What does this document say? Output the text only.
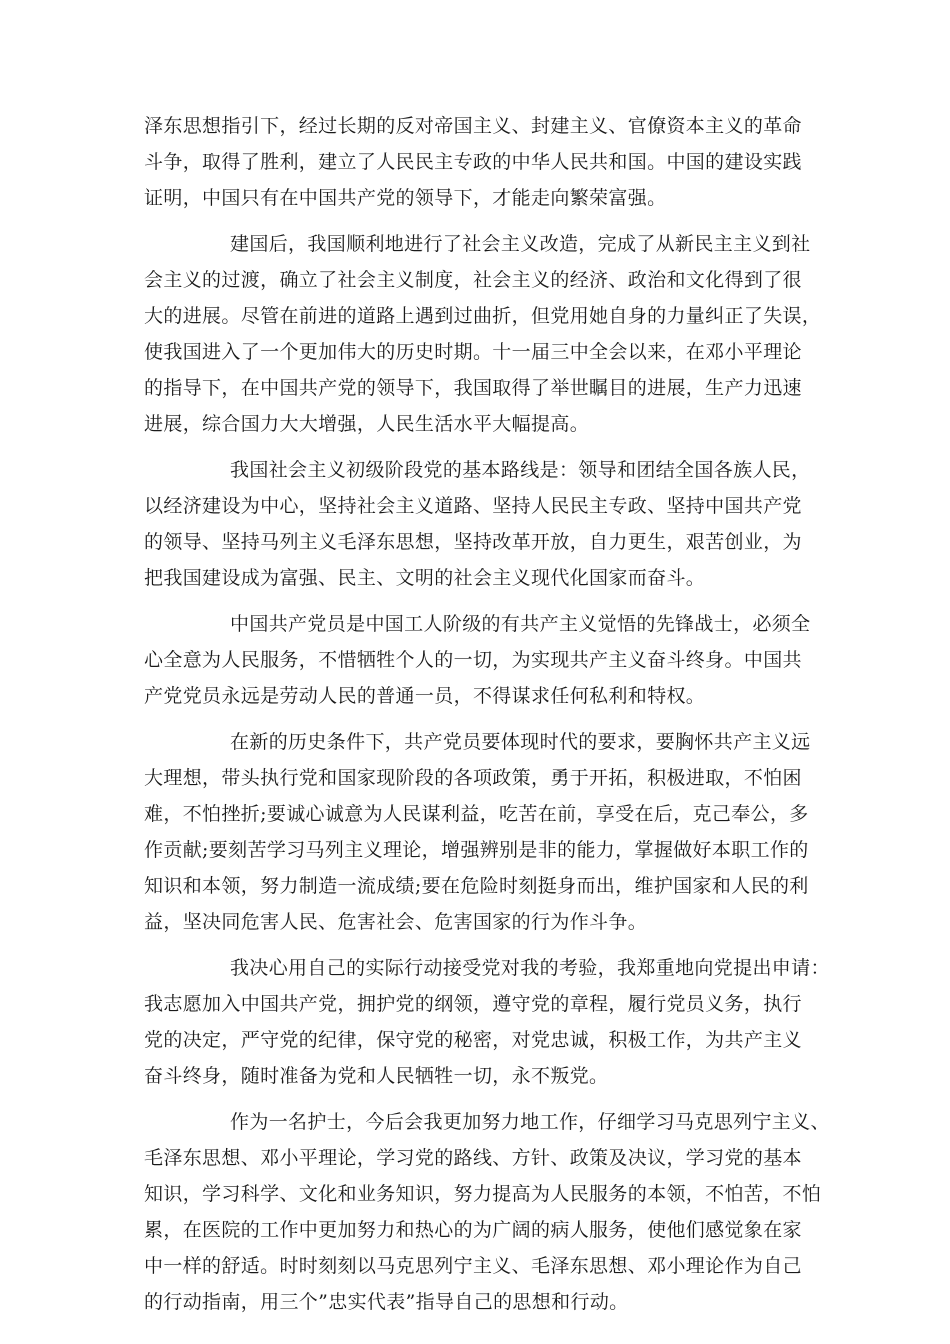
泽东思想指引下，经过长期的反对帝国主义、封建主义、官僚资本主义的革命
斗争，取得了胜利，建立了人民民主专政的中华人民共和国。中国的建设实践
证明，中国只有在中国共产党的领导下，才能走向繁荣富强。
建国后，我国顺利地进行了社会主义改造，完成了从新民主主义到社
会主义的过渡，确立了社会主义制度，社会主义的经济、政治和文化得到了很
大的进展。尽管在前进的道路上遇到过曲折，但党用她自身的力量纠正了失误，
使我国进入了一个更加伟大的历史时期。十一届三中全会以来，在邓小平理论
的指导下，在中国共产党的领导下，我国取得了举世瞩目的进展，生产力迅速
进展，综合国力大大增强，人民生活水平大幅提高。
我国社会主义初级阶段党的基本路线是：领导和团结全国各族人民，
以经济建设为中心，坚持社会主义道路、坚持人民民主专政、坚持中国共产党
的领导、坚持马列主义毛泽东思想，坚持改革开放，自力更生，艰苦创业，为
把我国建设成为富强、民主、文明的社会主义现代化国家而奋斗。
中国共产党员是中国工人阶级的有共产主义觉悟的先锋战士，必须全
心全意为人民服务，不惜牺牲个人的一切，为实现共产主义奋斗终身。中国共
产党党员永远是劳动人民的普通一员，不得谋求任何私利和特权。
在新的历史条件下，共产党员要体现时代的要求，要胸怀共产主义远
大理想，带头执行党和国家现阶段的各项政策，勇于开拓，积极进取，不怕困
难，不怕挫折;要诚心诚意为人民谋利益，吃苦在前，享受在后，克己奉公，多
作贡献;要刻苦学习马列主义理论，增强辨别是非的能力，掌握做好本职工作的
知识和本领，努力制造一流成绩;要在危险时刻挺身而出，维护国家和人民的利
益，坚决同危害人民、危害社会、危害国家的行为作斗争。
我决心用自己的实际行动接受党对我的考验，我郑重地向党提出申请：
我志愿加入中国共产党，拥护党的纲领，遵守党的章程，履行党员义务，执行
党的决定，严守党的纪律，保守党的秘密，对党忠诚，积极工作，为共产主义
奋斗终身，随时准备为党和人民牺牲一切，永不叛党。
作为一名护士，今后会我更加努力地工作，仔细学习马克思列宁主义、
毛泽东思想、邓小平理论，学习党的路线、方针、政策及决议，学习党的基本
知识，学习科学、文化和业务知识，努力提高为人民服务的本领，不怕苦，不怕
累，在医院的工作中更加努力和热心的为广阔的病人服务，使他们感觉象在家
中一样的舒适。时时刻刻以马克思列宁主义、毛泽东思想、邓小理论作为自己
的行动指南，用三个”忠实代表”指导自己的思想和行动。
